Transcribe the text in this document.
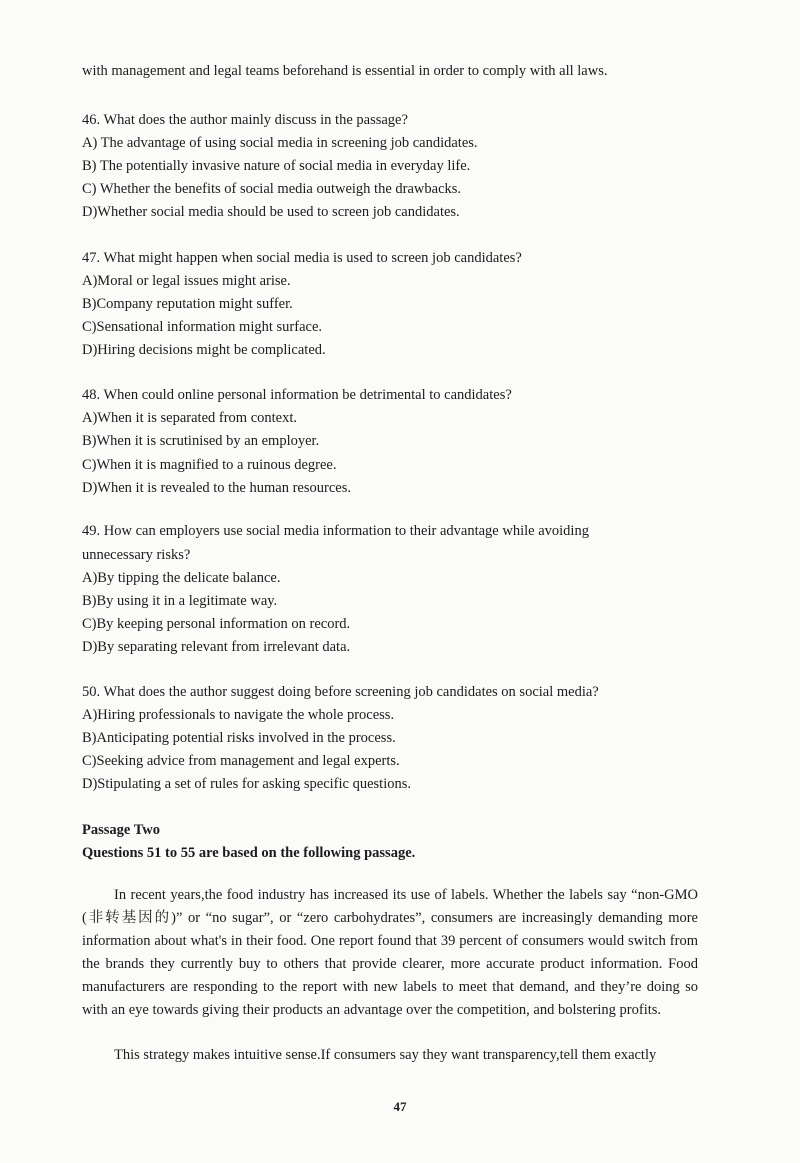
with management and legal teams beforehand is essential in order to comply with all laws.
46. What does the author mainly discuss in the passage?
A) The advantage of using social media in screening job candidates.
B) The potentially invasive nature of social media in everyday life.
C) Whether the benefits of social media outweigh the drawbacks.
D)Whether social media should be used to screen job candidates.
47. What might happen when social media is used to screen job candidates?
A)Moral or legal issues might arise.
B)Company reputation might suffer.
C)Sensational information might surface.
D)Hiring decisions might be complicated.
48. When could online personal information be detrimental to candidates?
A)When it is separated from context.
B)When it is scrutinised by an employer.
C)When it is magnified to a ruinous degree.
D)When it is revealed to the human resources.
49. How can employers use social media information to their advantage while avoiding
unnecessary risks?
A)By tipping the delicate balance.
B)By using it in a legitimate way.
C)By keeping personal information on record.
D)By separating relevant from irrelevant data.
50. What does the author suggest doing before screening job candidates on social media?
A)Hiring professionals to navigate the whole process.
B)Anticipating potential risks involved in the process.
C)Seeking advice from management and legal experts.
D)Stipulating a set of rules for asking specific questions.
Passage Two
Questions 51 to 55 are based on the following passage.
In recent years,the food industry has increased its use of labels. Whether the labels say “non-GMO (非转基因的)” or “no sugar”, or “zero carbohydrates”, consumers are increasingly demanding more information about what's in their food. One report found that 39 percent of consumers would switch from the brands they currently buy to others that provide clearer, more accurate product information. Food manufacturers are responding to the report with new labels to meet that demand, and they’re doing so with an eye towards giving their products an advantage over the competition, and bolstering profits.
This strategy makes intuitive sense.If consumers say they want transparency,tell them exactly
47
